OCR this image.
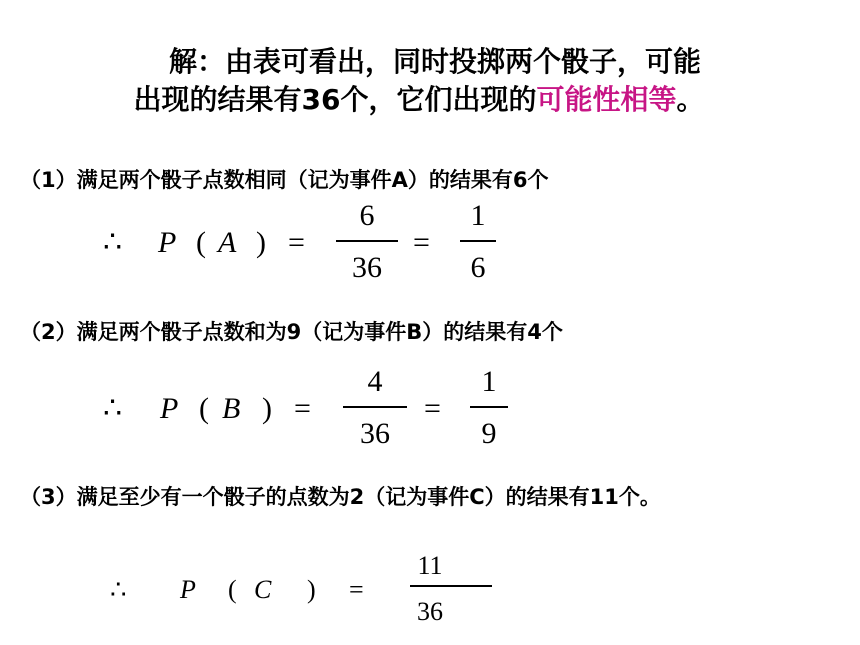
解：由表可看出，同时投掷两个骰子，可能
出现的结果有36个，它们出现的可能性相等。
（1）满足两个骰子点数相同（记为事件A）的结果有6个
∴ P ( A ) =
6
36
=
1
6
（2）满足两个骰子点数和为9（记为事件B）的结果有4个
∴ P ( B ) =
4
36
=
1
9
（3）满足至少有一个骰子的点数为2（记为事件C）的结果有11个。
∴ P ( C ) =
11
36
